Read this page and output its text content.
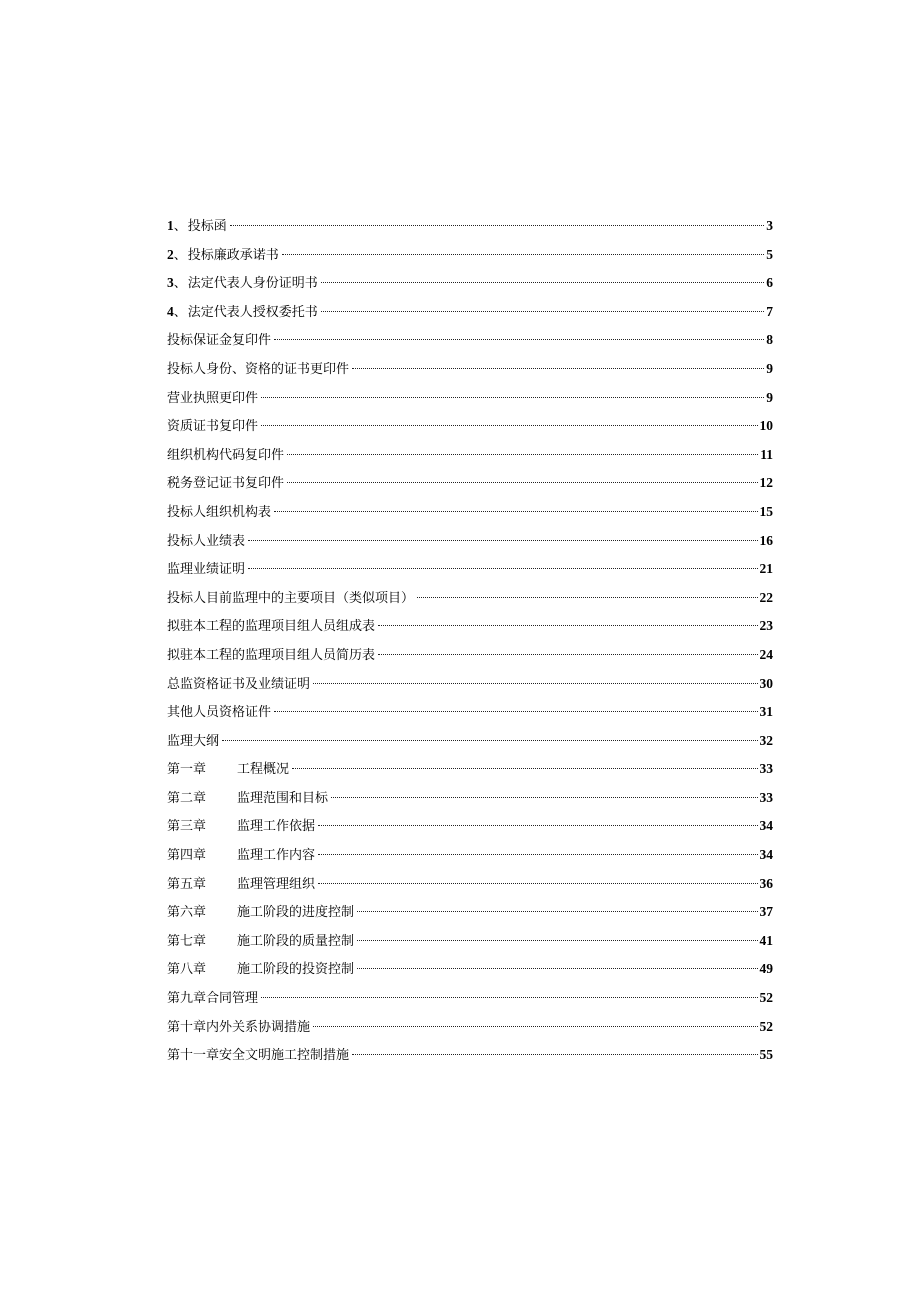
1、投标函	3
2、投标廉政承诺书	5
3、法定代表人身份证明书	6
4、法定代表人授权委托书	7
投标保证金复印件	8
投标人身份、资格的证书更印件	9
营业执照更印件	9
资质证书复印件	10
组织机构代码复印件	11
税务登记证书复印件	12
投标人组织机构表	15
投标人业绩表	16
监理业绩证明	21
投标人目前监理中的主要项目（类似项目）	22
拟驻本工程的监理项目组人员组成表	23
拟驻本工程的监理项目组人员简历表	24
总监资格证书及业绩证明	30
其他人员资格证件	31
监理大纲	32
第一章 工程概况	33
第二章 监理范围和目标	33
第三章 监理工作依据	34
第四章 监理工作内容	34
第五章 监理管理组织	36
第六章 施工阶段的进度控制	37
第七章 施工阶段的质量控制	41
第八章 施工阶段的投资控制	49
第九章合同管理	52
第十章内外关系协调措施	52
第十一章安全文明施工控制措施	55
